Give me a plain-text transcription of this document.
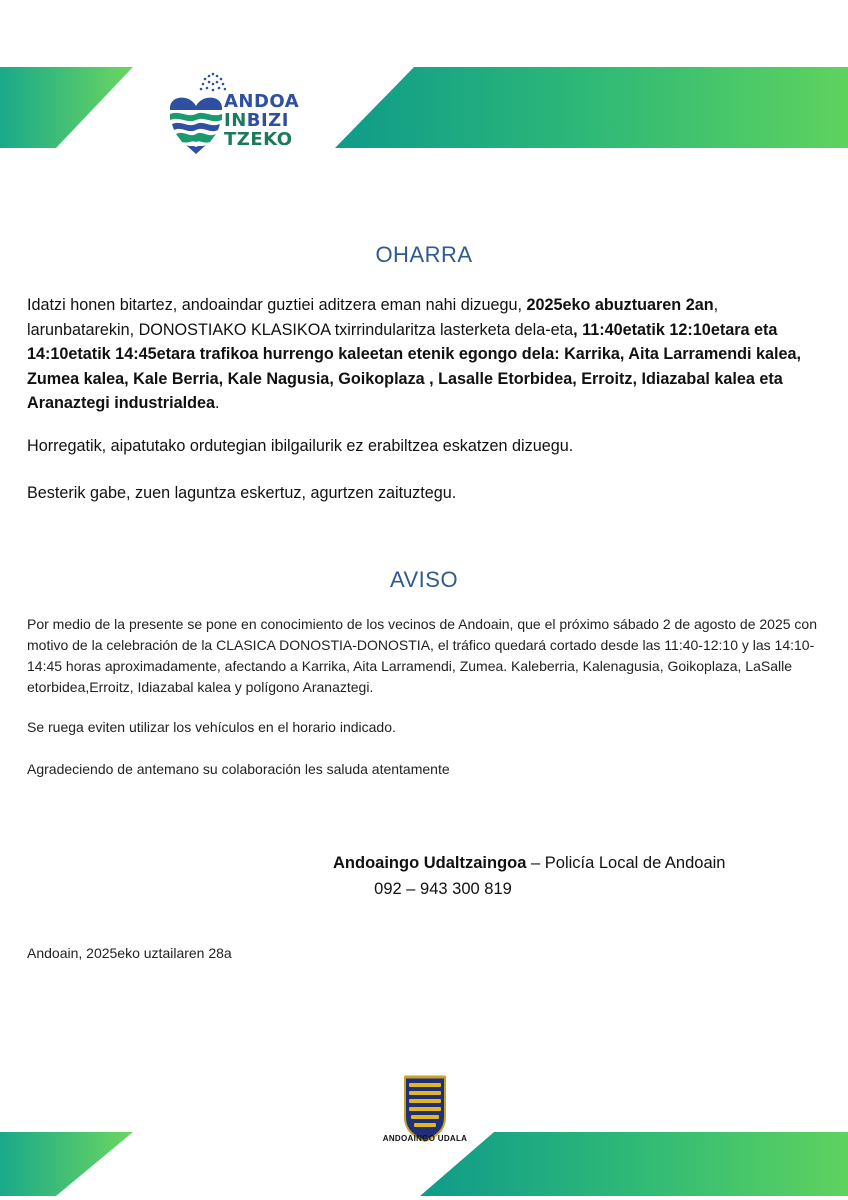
ANDOA
INBIZI
TZEKO
OHARRA

Idatzi honen bitartez, andoaindar guztiei aditzera eman nahi dizuegu, 2025eko abuztuaren 2an, larunbatarekin, DONOSTIAKO KLASIKOA txirrindularitza lasterketa dela-eta, 11:40etatik 12:10etara eta 14:10etatik 14:45etara trafikoa hurrengo kaleetan etenik egongo dela: Karrika, Aita Larramendi kalea, Zumea kalea, Kale Berria, Kale Nagusia, Goikoplaza , Lasalle Etorbidea, Erroitz, Idiazabal kalea eta Aranaztegi industrialdea.

Horregatik, aipatutako ordutegian ibilgailurik ez erabiltzea eskatzen dizuegu.

Besterik gabe, zuen laguntza eskertuz, agurtzen zaituztegu.

AVISO

Por medio de la presente se pone en conocimiento de los vecinos de Andoain, que el próximo sábado 2 de agosto de 2025 con motivo de la celebración de la CLASICA DONOSTIA-DONOSTIA, el tráfico quedará cortado desde las 11:40-12:10 y las 14:10-14:45 horas aproximadamente, afectando a Karrika, Aita Larramendi, Zumea. Kaleberria, Kalenagusia, Goikoplaza, LaSalle etorbidea,Erroitz, Idiazabal kalea y polígono Aranaztegi.

Se ruega eviten utilizar los vehículos en el horario indicado.

Agradeciendo de antemano su colaboración les saluda atentamente

Andoaingo Udaltzaingoa – Policía Local de Andoain
092 – 943 300 819
Andoain, 2025eko uztailaren 28a
ANDOAINGO UDALA
